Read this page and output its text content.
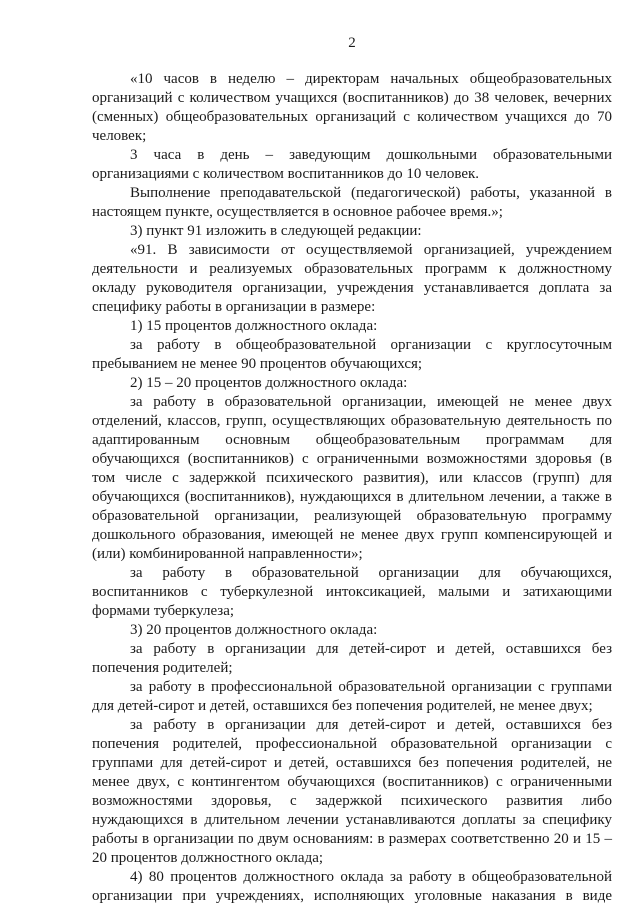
2

«10 часов в неделю – директорам начальных общеобразовательных организаций с количеством учащихся (воспитанников) до 38 человек, вечерних (сменных) общеобразовательных организаций с количеством учащихся до 70 человек;

3 часа в день – заведующим дошкольными образовательными организациями с количеством воспитанников до 10 человек.

Выполнение преподавательской (педагогической) работы, указанной в настоящем пункте, осуществляется в основное рабочее время.»;

3) пункт 91 изложить в следующей редакции:

«91. В зависимости от осуществляемой организацией, учреждением деятельности и реализуемых образовательных программ к должностному окладу руководителя организации, учреждения устанавливается доплата за специфику работы в организации в размере:

1) 15 процентов должностного оклада:

за работу в общеобразовательной организации с круглосуточным пребыванием не менее 90 процентов обучающихся;

2) 15 – 20 процентов должностного оклада:

за работу в образовательной организации, имеющей не менее двух отделений, классов, групп, осуществляющих образовательную деятельность по адаптированным основным общеобразовательным программам для обучающихся (воспитанников) с ограниченными возможностями здоровья (в том числе с задержкой психического развития), или классов (групп) для обучающихся (воспитанников), нуждающихся в длительном лечении, а также в образовательной организации, реализующей образовательную программу дошкольного образования, имеющей не менее двух групп компенсирующей и (или) комбинированной направленности»;

за работу в образовательной организации для обучающихся, воспитанников с туберкулезной интоксикацией, малыми и затихающими формами туберкулеза;

3) 20 процентов должностного оклада:

за работу в организации для детей-сирот и детей, оставшихся без попечения родителей;

за работу в профессиональной образовательной организации с группами для детей-сирот и детей, оставшихся без попечения родителей, не менее двух;

за работу в организации для детей-сирот и детей, оставшихся без попечения родителей, профессиональной образовательной организации с группами для детей-сирот и детей, оставшихся без попечения родителей, не менее двух, с контингентом обучающихся (воспитанников) с ограниченными возможностями здоровья, с задержкой психического развития либо нуждающихся в длительном лечении устанавливаются доплаты за специфику работы в организации по двум основаниям: в размерах соответственно 20 и 15 – 20 процентов должностного оклада;

4) 80 процентов должностного оклада за работу в общеобразовательной организации при учреждениях, исполняющих уголовные наказания в виде
